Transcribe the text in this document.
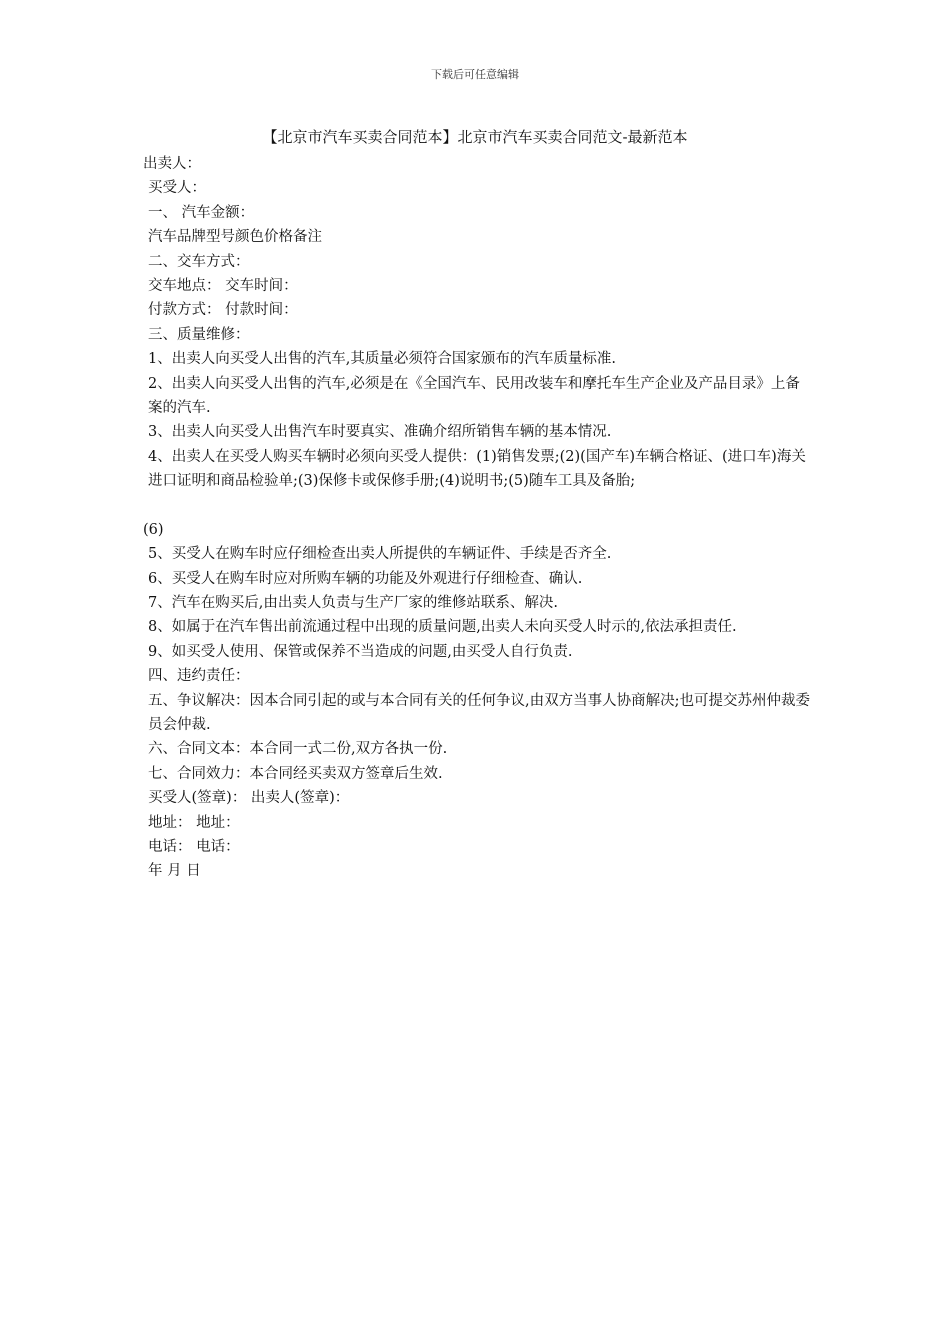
下载后可任意编辑
【北京市汽车买卖合同范本】北京市汽车买卖合同范文-最新范本
出卖人：
买受人：
一、 汽车金额：
汽车品牌型号颜色价格备注
二、交车方式：
交车地点： 交车时间：
付款方式： 付款时间：
三、质量维修：
1、出卖人向买受人出售的汽车,其质量必须符合国家颁布的汽车质量标准.
2、出卖人向买受人出售的汽车,必须是在《全国汽车、民用改装车和摩托车生产企业及产品目录》上备案的汽车.
3、出卖人向买受人出售汽车时要真实、准确介绍所销售车辆的基本情况.
4、出卖人在买受人购买车辆时必须向买受人提供：(1)销售发票;(2)(国产车)车辆合格证、(进口车)海关进口证明和商品检验单;(3)保修卡或保修手册;(4)说明书;(5)随车工具及备胎;
(6)
5、买受人在购车时应仔细检查出卖人所提供的车辆证件、手续是否齐全.
6、买受人在购车时应对所购车辆的功能及外观进行仔细检查、确认.
7、汽车在购买后,由出卖人负责与生产厂家的维修站联系、解决.
8、如属于在汽车售出前流通过程中出现的质量问题,出卖人未向买受人时示的,依法承担责任.
9、如买受人使用、保管或保养不当造成的问题,由买受人自行负责.
四、违约责任：
五、争议解决：因本合同引起的或与本合同有关的任何争议,由双方当事人协商解决;也可提交苏州仲裁委员会仲裁.
六、合同文本：本合同一式二份,双方各执一份.
七、合同效力：本合同经买卖双方签章后生效.
买受人(签章)： 出卖人(签章)：
地址： 地址：
电话： 电话：
年 月 日
